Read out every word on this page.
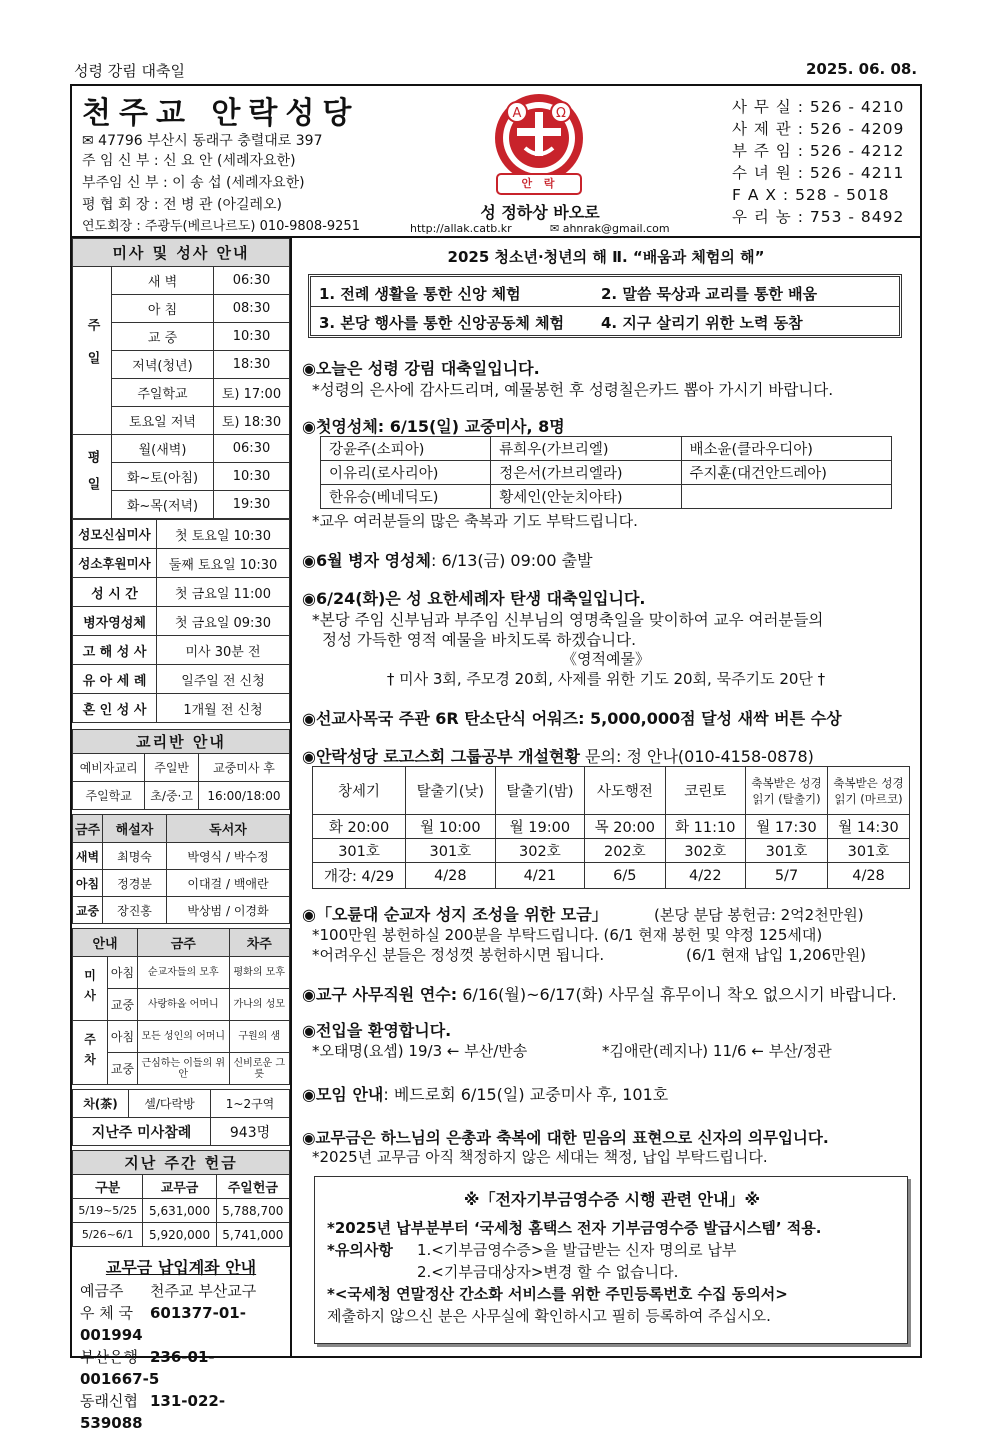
성령 강림 대축일	2025. 06. 08.
천주교 안락성당
✉ 47796 부산시 동래구 충렬대로 397
주 임 신 부 : 신 요 안 (세례자요한)
부주임 신 부 : 이 송 섭 (세례자요한)
평 협 회 장 : 전 병 관 (아길레오)
연도회장 : 주광두(베르나르도) 010-9808-9251
A	Ω
안 락
성 정하상 바오로
http://allak.catb.kr	✉ ahnrak@gmail.com
사 무 실 : 526 - 4210
사 제 관 : 526 - 4209
부 주 임 : 526 - 4212
수 녀 원 : 526 - 4211
F A X : 528 - 5018
우 리 농 : 753 - 8492
미사 및 성사 안내		
주일	새 벽	06:30
	아 침	08:30
	교 중	10:30
	저녁(청년)	18:30
	주일학교	토) 17:00
	토요일 저녁	토) 18:30
평일	월(새벽)	06:30
	화~토(아침)	10:30
	화~목(저녁)	19:30
성모신심미사	첫 토요일 10:30
성소후원미사	둘째 토요일 10:30
성 시 간	첫 금요일 11:00
병자영성체	첫 금요일 09:30
고 해 성 사	미사 30분 전
유 아 세 례	일주일 전 신청
혼 인 성 사	1개월 전 신청
교리반 안내		
예비자교리	주일반	교중미사 후
주일학교	초/중·고	16:00/18:00
금주	해설자	독서자
새벽	최명숙	박영식 / 박수정
아침	정경분	이대걸 / 백애란
교중	장진홍	박상범 / 이경화
안내		금주	차주
미사	아침	순교자들의 모후	평화의 모후
	교중	사랑하올 어머니	가나의 성모
주차	아침	모든 성인의 어머니	구원의 샘
	교중	근심하는 이들의 위안	신비로운 그릇
차(茶)	셀/다락방	1~2구역
지난주 미사참례		943명
지난 주간 헌금		
구분	교무금	주일헌금
5/19~5/25	5,631,000	5,788,700
5/26~6/1	5,920,000	5,741,000
교무금 납입계좌 안내
예금주 천주교 부산교구
우 체 국 601377-01-001994
부산은행 236-01-001667-5
동래신협 131-022-539088
2025 청소년·청년의 해 Ⅱ. “배움과 체험의 해”
1. 전례 생활을 통한 신앙 체험	2. 말씀 묵상과 교리를 통한 배움
3. 본당 행사를 통한 신앙공동체 체험 4. 지구 살리기 위한 노력 동참
◉오늘은 성령 강림 대축일입니다.
*성령의 은사에 감사드리며, 예물봉헌 후 성령칠은카드 뽑아 가시기 바랍니다.
◉첫영성체: 6/15(일) 교중미사, 8명
강윤주(소피아)	류희우(가브리엘)	배소윤(클라우디아)
이유리(로사리아)	정은서(가브리엘라)	주지훈(대건안드레아)
한유승(베네딕도)	황세인(안눈치아타)	
*교우 여러분들의 많은 축복과 기도 부탁드립니다.
◉6월 병자 영성체: 6/13(금) 09:00 출발
◉6/24(화)은 성 요한세례자 탄생 대축일입니다.
*본당 주임 신부님과 부주임 신부님의 영명축일을 맞이하여 교우 여러분들의
정성 가득한 영적 예물을 바치도록 하겠습니다.
《영적예물》
† 미사 3회, 주모경 20회, 사제를 위한 기도 20회, 묵주기도 20단 †
◉선교사목국 주관 6R 탄소단식 어워즈: 5,000,000점 달성 새싹 버튼 수상
◉안락성당 로고스회 그룹공부 개설현황 문의: 정 안나(010-4158-0878)
창세기	탈출기(낮)	탈출기(밤)	사도행전	코린토	축복받은 성경읽기 (탈출기)	축복받은 성경읽기 (마르코)
화 20:00	월 10:00	월 19:00	목 20:00	화 11:10	월 17:30	월 14:30
301호	301호	302호	202호	302호	301호	301호
개강: 4/29	4/28	4/21	6/5	4/22	5/7	4/28
◉「오륜대 순교자 성지 조성을 위한 모금」	(본당 분담 봉헌금: 2억2천만원)
*100만원 봉헌하실 200분을 부탁드립니다. (6/1 현재 봉헌 및 약정 125세대)
*어려우신 분들은 정성껏 봉헌하시면 됩니다.	(6/1 현재 납입 1,206만원)
◉교구 사무직원 연수: 6/16(월)~6/17(화) 사무실 휴무이니 착오 없으시기 바랍니다.
◉전입을 환영합니다.
*오태명(요셉) 19/3 ← 부산/반송	*김애란(레지나) 11/6 ← 부산/정관
◉모임 안내: 베드로회 6/15(일) 교중미사 후, 101호
◉교무금은 하느님의 은총과 축복에 대한 믿음의 표현으로 신자의 의무입니다.
*2025년 교무금 아직 책정하지 않은 세대는 책정, 납입 부탁드립니다.
※「전자기부금영수증 시행 관련 안내」※
*2025년 납부분부터 ‘국세청 홈택스 전자 기부금영수증 발급시스템’ 적용.
*유의사항 1.<기부금영수증>을 발급받는 신자 명의로 납부
2.<기부금대상자>변경 할 수 없습니다.
*<국세청 연말정산 간소화 서비스를 위한 주민등록번호 수집 동의서>
제출하지 않으신 분은 사무실에 확인하시고 필히 등록하여 주십시오.
